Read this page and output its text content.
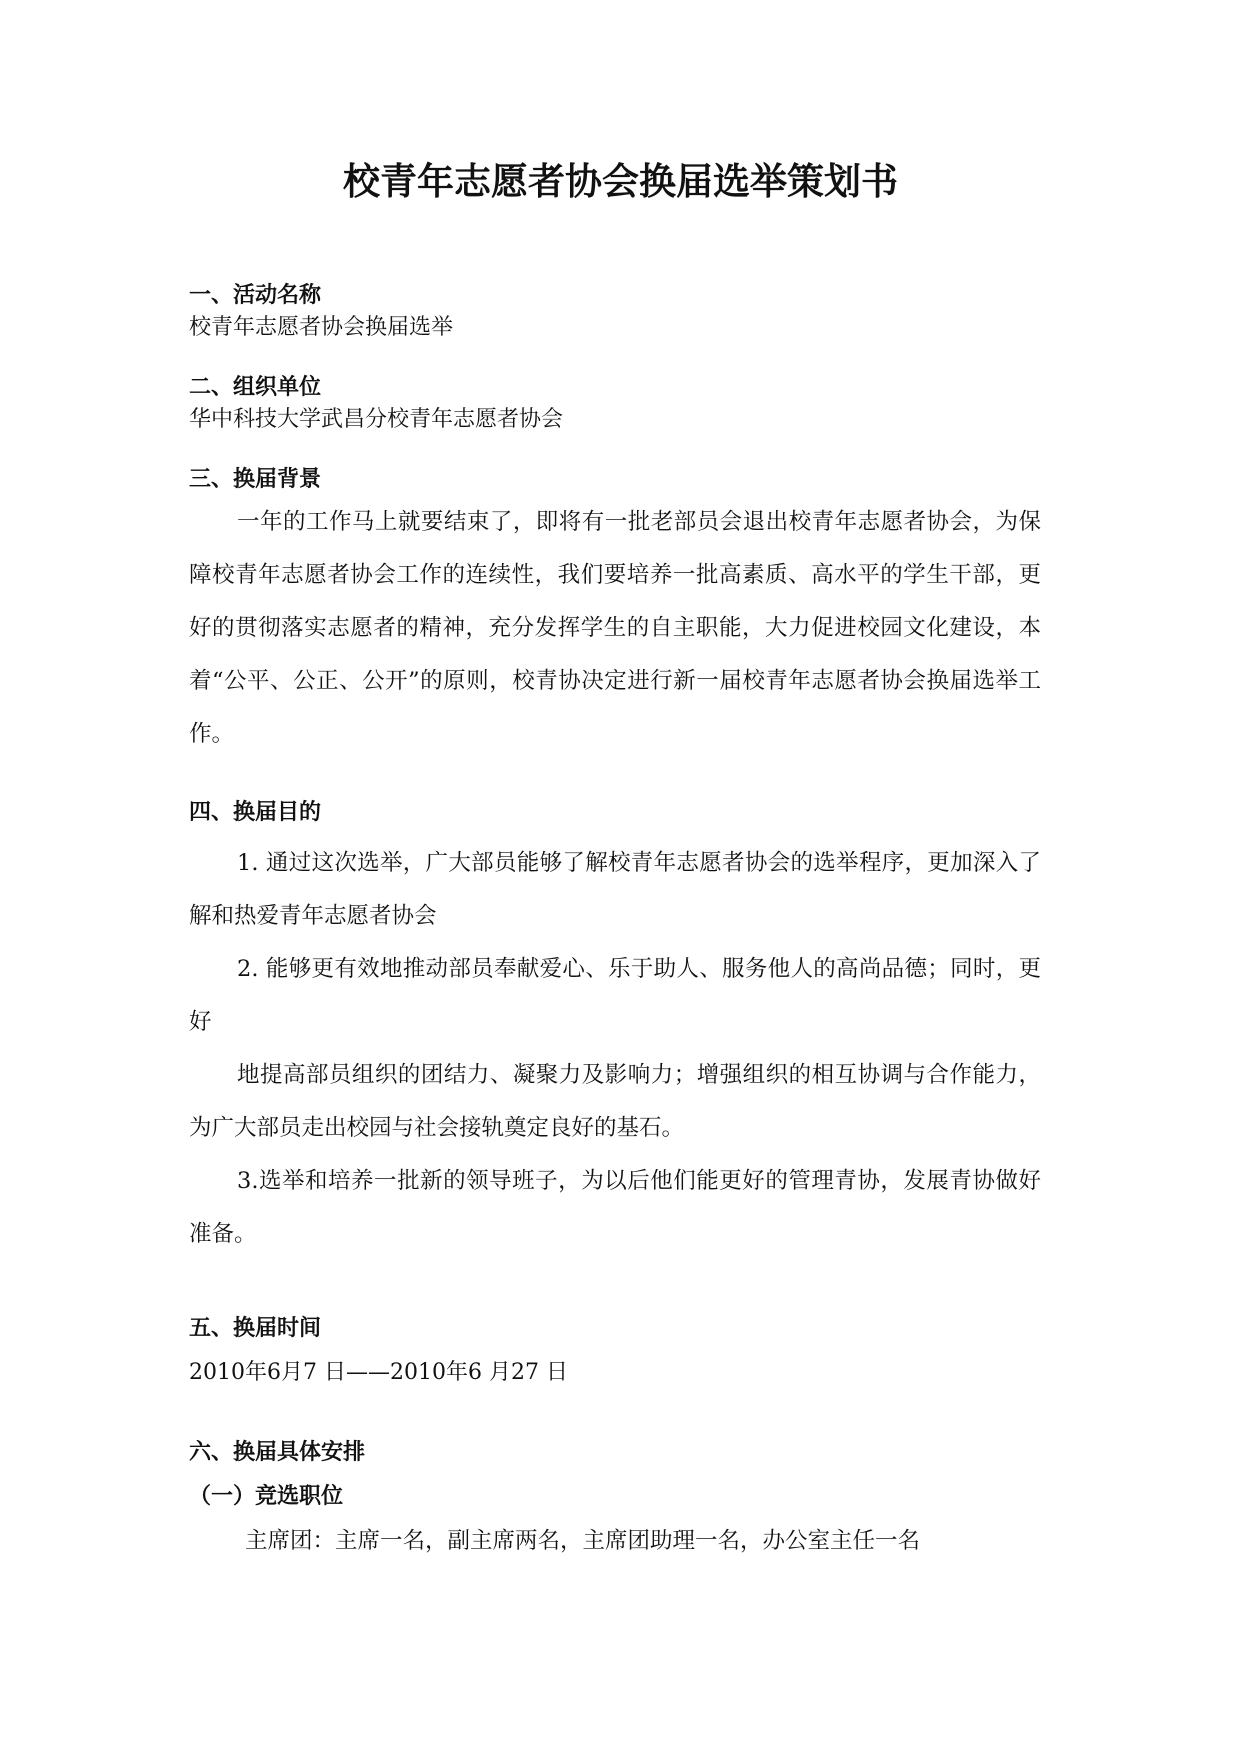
校青年志愿者协会换届选举策划书

一、活动名称

校青年志愿者协会换届选举

二、组织单位

华中科技大学武昌分校青年志愿者协会

三、换届背景

一年的工作马上就要结束了，即将有一批老部员会退出校青年志愿者协会，为保障校青年志愿者协会工作的连续性，我们要培养一批高素质、高水平的学生干部，更好的贯彻落实志愿者的精神，充分发挥学生的自主职能，大力促进校园文化建设，本着“公平、公正、公开”的原则，校青协决定进行新一届校青年志愿者协会换届选举工作。

四、换届目的

1. 通过这次选举，广大部员能够了解校青年志愿者协会的选举程序，更加深入了解和热爱青年志愿者协会

2. 能够更有效地推动部员奉献爱心、乐于助人、服务他人的高尚品德；同时，更好

地提高部员组织的团结力、凝聚力及影响力；增强组织的相互协调与合作能力，为广大部员走出校园与社会接轨奠定良好的基石。

3.选举和培养一批新的领导班子，为以后他们能更好的管理青协，发展青协做好准备。

五、换届时间

2010年6月7 日——2010年6 月27 日

六、换届具体安排

（一）竞选职位

主席团：主席一名，副主席两名，主席团助理一名，办公室主任一名
